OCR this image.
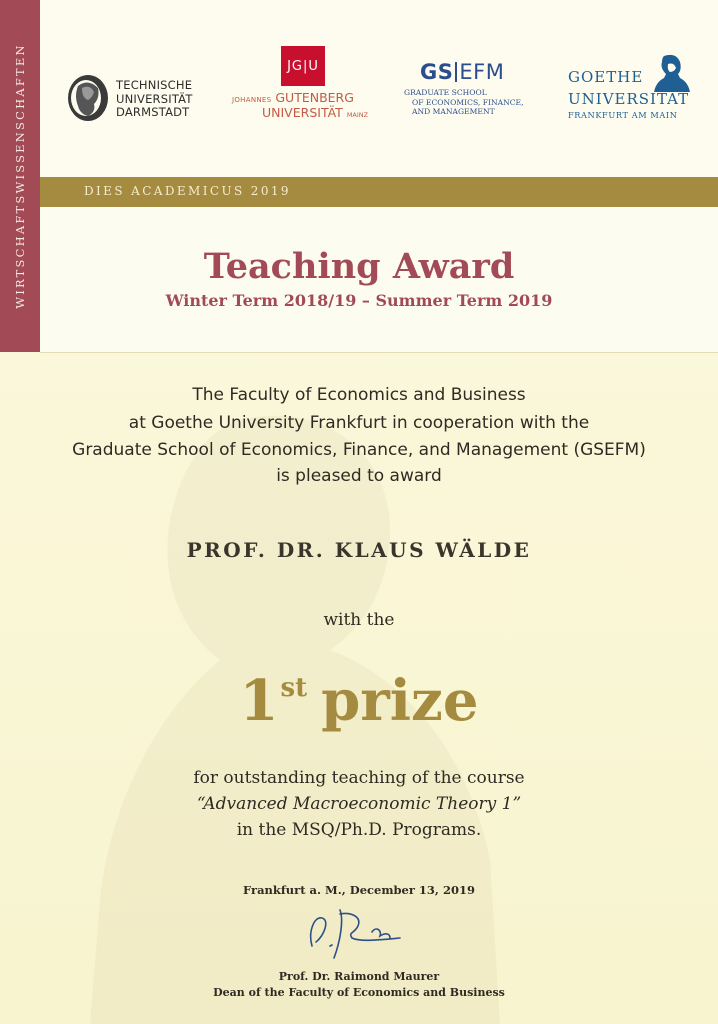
WIRTSCHAFTSWISSENSCHAFTEN	TECHNISCHE
UNIVERSITÄT
DARMSTADT
JG|U
JOHANNES GUTENBERG
UNIVERSITÄT MAINZ
GS EFM
GRADUATE SCHOOL
OF ECONOMICS, FINANCE,
AND MANAGEMENT
GOETHE
UNIVERSITÄT
FRANKFURT AM MAIN
DIES ACADEMICUS 2019
Teaching Award
Winter Term 2018/19 – Summer Term 2019
The Faculty of Economics and Business
at Goethe University Frankfurt in cooperation with the
Graduate School of Economics, Finance, and Management (GSEFM)
is pleased to award
PROF. DR. KLAUS WÄLDE
with the
1st prize
for outstanding teaching of the course
“Advanced Macroeconomic Theory 1”
in the MSQ/Ph.D. Programs.
Frankfurt a. M., December 13, 2019
Prof. Dr. Raimond Maurer
Dean of the Faculty of Economics and Business
